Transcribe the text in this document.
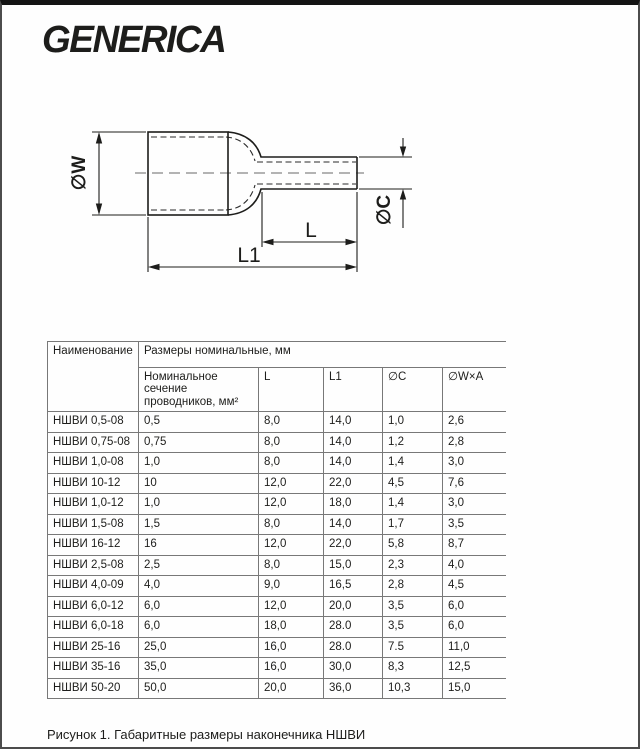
GENERICA
∅W
∅C
L
L1
Наименование	Размеры номинальные, мм				
	Номинальное сечение проводников, мм²	L	L1	∅C	∅W×A
НШВИ 0,5-08	0,5	8,0	14,0	1,0	2,6
НШВИ 0,75-08	0,75	8,0	14,0	1,2	2,8
НШВИ 1,0-08	1,0	8,0	14,0	1,4	3,0
НШВИ 10-12	10	12,0	22,0	4,5	7,6
НШВИ 1,0-12	1,0	12,0	18,0	1,4	3,0
НШВИ 1,5-08	1,5	8,0	14,0	1,7	3,5
НШВИ 16-12	16	12,0	22,0	5,8	8,7
НШВИ 2,5-08	2,5	8,0	15,0	2,3	4,0
НШВИ 4,0-09	4,0	9,0	16,5	2,8	4,5
НШВИ 6,0-12	6,0	12,0	20,0	3,5	6,0
НШВИ 6,0-18	6,0	18,0	28.0	3,5	6,0
НШВИ 25-16	25,0	16,0	28.0	7.5	11,0
НШВИ 35-16	35,0	16,0	30,0	8,3	12,5
НШВИ 50-20	50,0	20,0	36,0	10,3	15,0
Рисунок 1. Габаритные размеры наконечника НШВИ
